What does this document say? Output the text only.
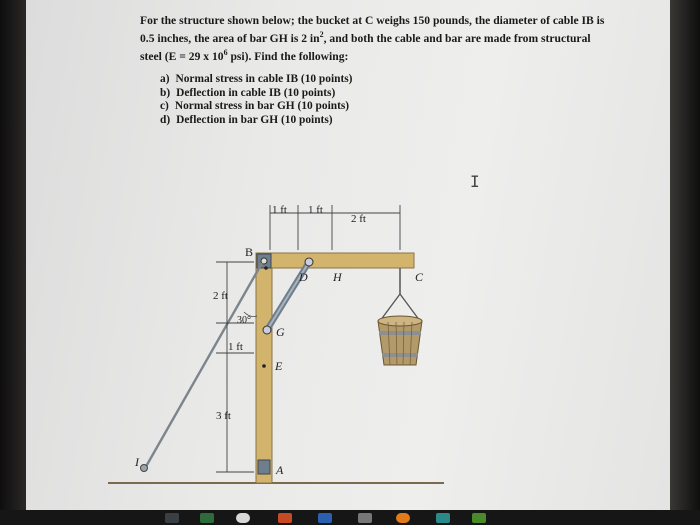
For the structure shown below; the bucket at C weighs 150 pounds, the diameter of cable IB is
0.5 inches, the area of bar GH is 2 $in^2$, and both the cable and bar are made from structural
steel (E = 29 x $10^6$ psi). Find the following:
a) Normal stress in cable IB (10 points)
b) Deflection in cable IB (10 points)
c) Normal stress in bar GH (10 points)
d) Deflection in bar GH (10 points)
I
1 ft 1 ft
2 ft
2 ft
1 ft
3 ft
30°
B
D H	C
G
E
A
I
